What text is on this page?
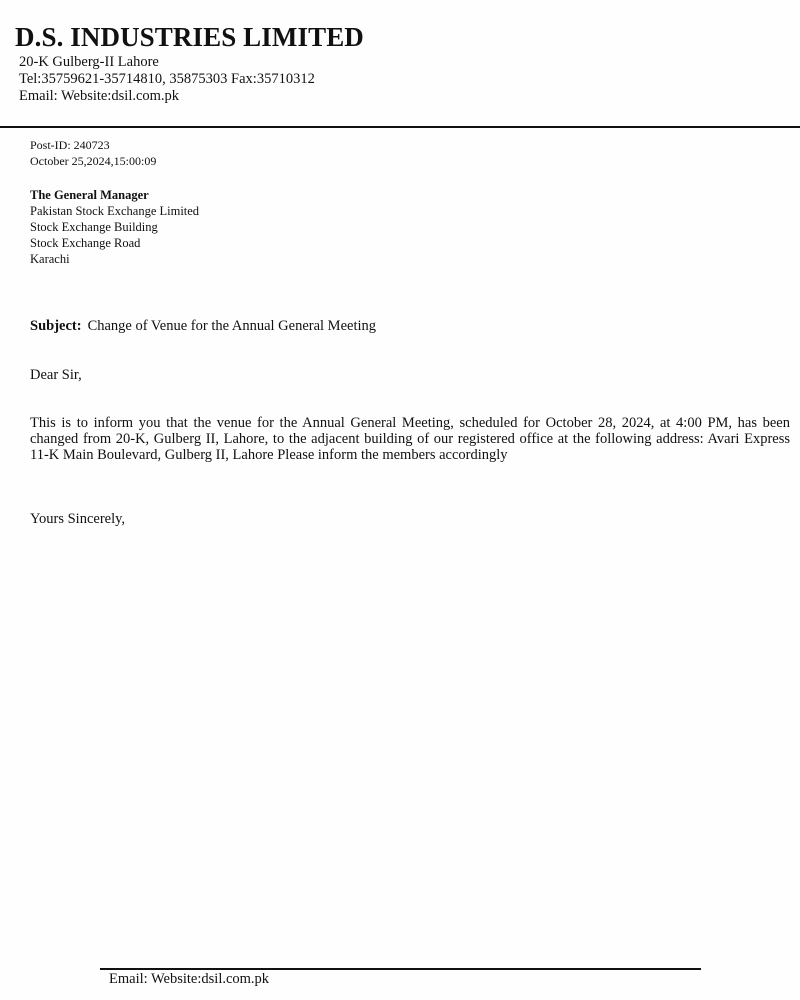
D.S. INDUSTRIES LIMITED
20-K Gulberg-II Lahore
Tel:35759621-35714810, 35875303 Fax:35710312
Email: Website:dsil.com.pk
Post-ID: 240723
October 25,2024,15:00:09
The General Manager
Pakistan Stock Exchange Limited
Stock Exchange Building
Stock Exchange Road
Karachi
Subject: Change of Venue for the Annual General Meeting
Dear Sir,
This is to inform you that the venue for the Annual General Meeting, scheduled for October 28, 2024, at 4:00 PM, has been changed from 20-K, Gulberg II, Lahore, to the adjacent building of our registered office at the following address: Avari Express 11-K Main Boulevard, Gulberg II, Lahore Please inform the members accordingly
Yours Sincerely,
Email: Website:dsil.com.pk
